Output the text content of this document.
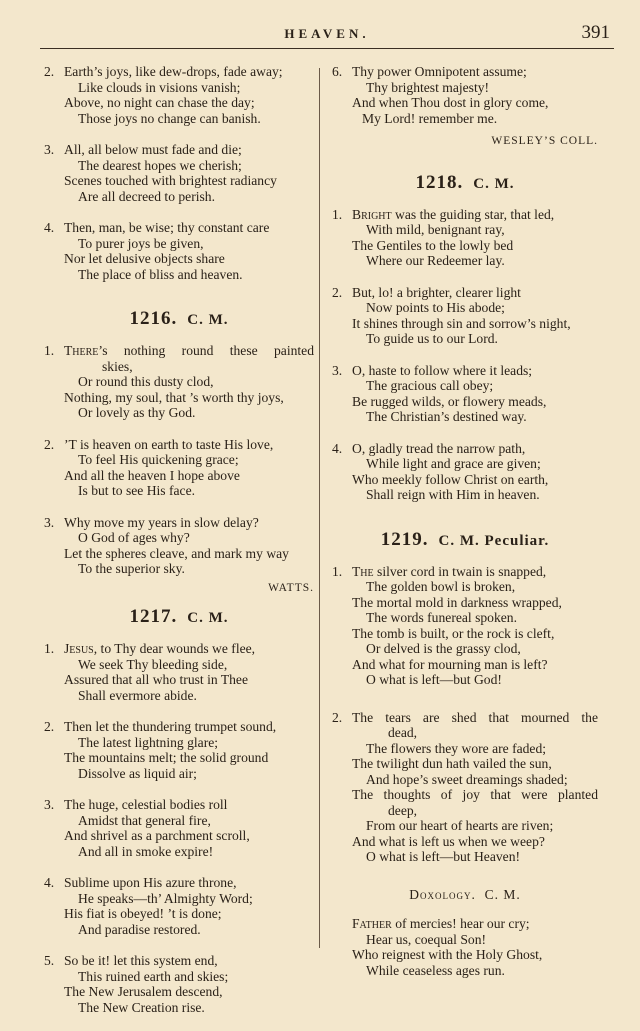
HEAVEN.	391
2. Earth’s joys, like dew-drops, fade away;
Like clouds in visions vanish;
Above, no night can chase the day;
Those joys no change can banish.
3. All, all below must fade and die;
The dearest hopes we cherish;
Scenes touched with brightest radiancy
Are all decreed to perish.
4. Then, man, be wise; thy constant care
To purer joys be given,
Nor let delusive objects share
The place of bliss and heaven.
1216. C. M.
1. There’s nothing round these painted
skies,
Or round this dusty clod,
Nothing, my soul, that ’s worth thy joys,
Or lovely as thy God.
2. ’T is heaven on earth to taste His love,
To feel His quickening grace;
And all the heaven I hope above
Is but to see His face.
3. Why move my years in slow delay?
O God of ages why?
Let the spheres cleave, and mark my way
To the superior sky.
WATTS.
1217. C. M.
1. Jesus, to Thy dear wounds we flee,
We seek Thy bleeding side,
Assured that all who trust in Thee
Shall evermore abide.
2. Then let the thundering trumpet sound,
The latest lightning glare;
The mountains melt; the solid ground
Dissolve as liquid air;
3. The huge, celestial bodies roll
Amidst that general fire,
And shrivel as a parchment scroll,
And all in smoke expire!
4. Sublime upon His azure throne,
He speaks—th’ Almighty Word;
His fiat is obeyed! ’t is done;
And paradise restored.
5. So be it! let this system end,
This ruined earth and skies;
The New Jerusalem descend,
The New Creation rise.
6. Thy power Omnipotent assume;
Thy brightest majesty!
And when Thou dost in glory come,
My Lord! remember me.
WESLEY’S COLL.
1218. C. M.
1. Bright was the guiding star, that led,
With mild, benignant ray,
The Gentiles to the lowly bed
Where our Redeemer lay.
2. But, lo! a brighter, clearer light
Now points to His abode;
It shines through sin and sorrow’s night,
To guide us to our Lord.
3. O, haste to follow where it leads;
The gracious call obey;
Be rugged wilds, or flowery meads,
The Christian’s destined way.
4. O, gladly tread the narrow path,
While light and grace are given;
Who meekly follow Christ on earth,
Shall reign with Him in heaven.
1219. C. M. Peculiar.
1. The silver cord in twain is snapped,
The golden bowl is broken,
The mortal mold in darkness wrapped,
The words funereal spoken.
The tomb is built, or the rock is cleft,
Or delved is the grassy clod,
And what for mourning man is left?
O what is left—but God!
2. The tears are shed that mourned the
dead,
The flowers they wore are faded;
The twilight dun hath vailed the sun,
And hope’s sweet dreamings shaded;
The thoughts of joy that were planted
deep,
From our heart of hearts are riven;
And what is left us when we weep?
O what is left—but Heaven!
Doxology. C. M.
Father of mercies! hear our cry;
Hear us, coequal Son!
Who reignest with the Holy Ghost,
While ceaseless ages run.
